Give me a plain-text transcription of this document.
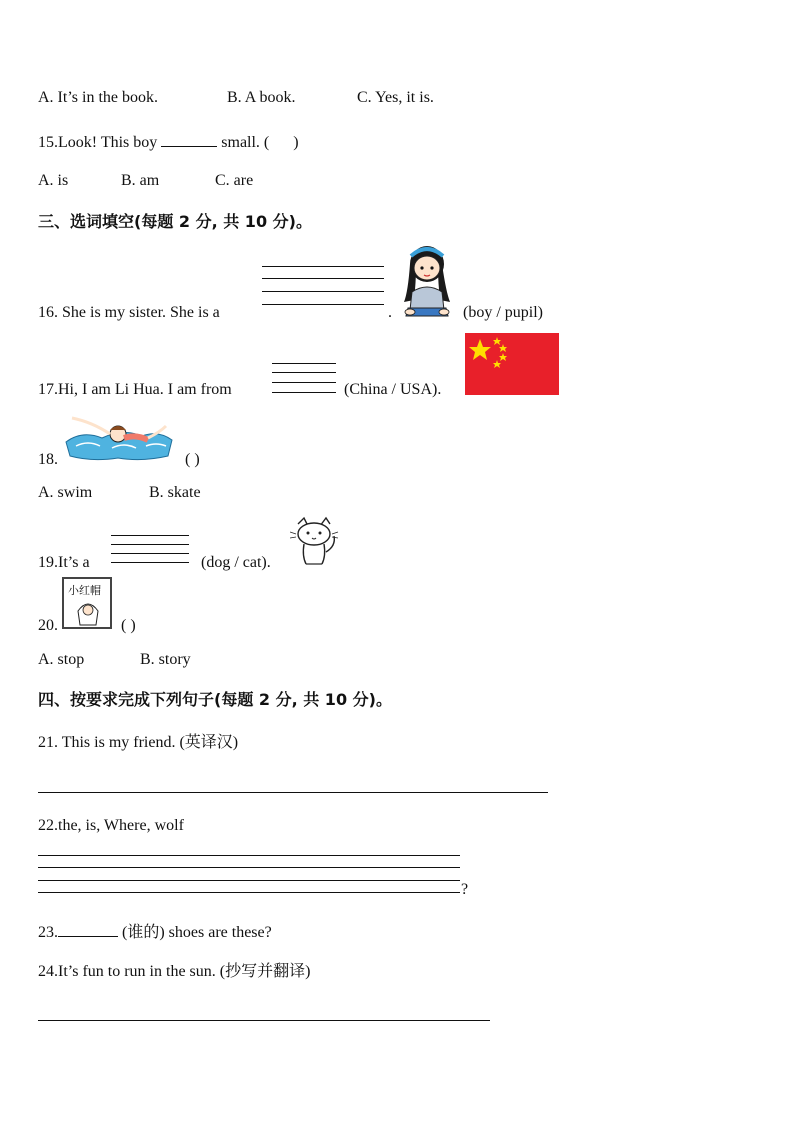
A. It’s in the book.	B. A book.	C. Yes, it is.
15.Look! This boy	small. ( )
A. is	B. am	C. are
三、选词填空(每题 2 分, 共 10 分)。
16. She is my sister. She is a	.	(boy / pupil)
17.Hi, I am Li Hua. I am from	(China / USA).
18.	( )
A. swim	B. skate
19.It’s a	(dog / cat).
20.
小红帽
( )
A. stop	B. story
四、按要求完成下列句子(每题 2 分, 共 10 分)。
21. This is my friend. (英译汉)
22.the, is, Where, wolf
?
23.	(谁的) shoes are these?
24.It’s fun to run in the sun. (抄写并翻译)
